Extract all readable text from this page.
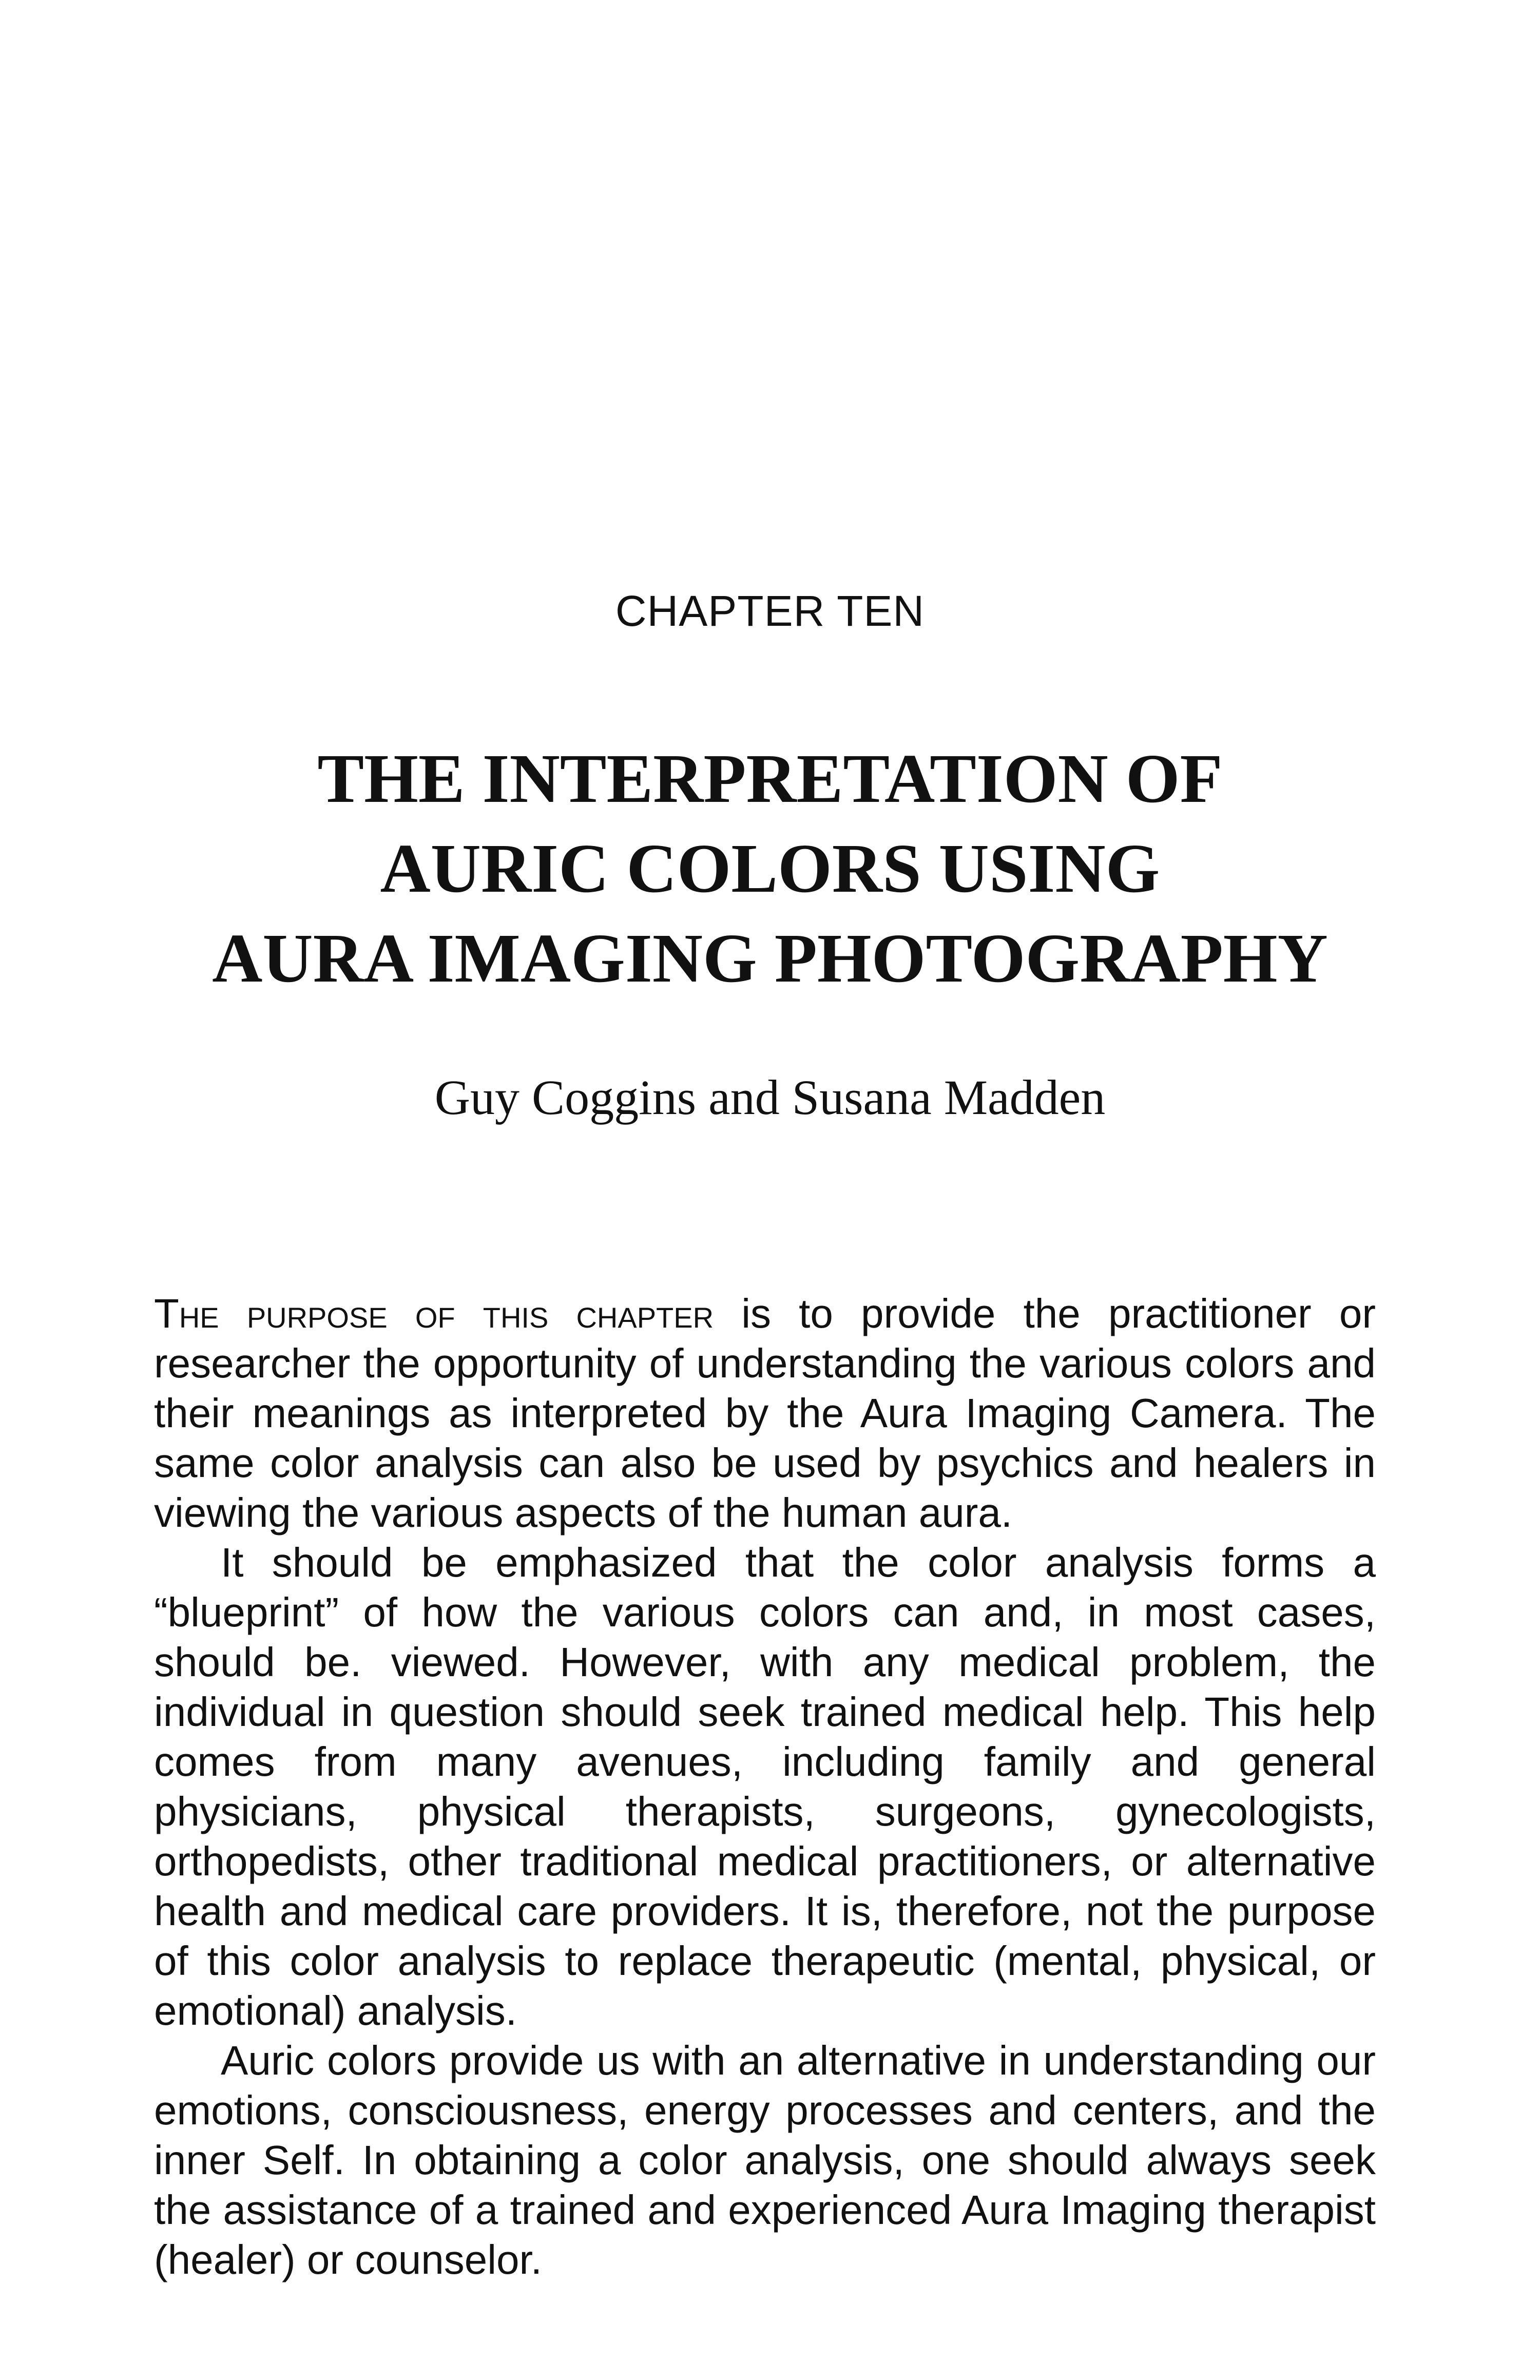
CHAPTER TEN
THE INTERPRETATION OF
AURIC COLORS USING
AURA IMAGING PHOTOGRAPHY
Guy Coggins and Susana Madden

The purpose of this chapter is to provide the practitioner or researcher the opportunity of understanding the various colors and their meanings as interpreted by the Aura Imaging Camera. The same color analysis can also be used by psychics and healers in viewing the various aspects of the human aura.

It should be emphasized that the color analysis forms a “blueprint” of how the various colors can and, in most cases, should be. viewed. However, with any medical problem, the individual in question should seek trained medical help. This help comes from many avenues, including family and general physicians, physical therapists, surgeons, gynecologists, orthopedists, other traditional medical practitioners, or alternative health and medical care providers. It is, therefore, not the purpose of this color analysis to replace therapeutic (mental, physical, or emotional) analysis.

Auric colors provide us with an alternative in understanding our emotions, consciousness, energy processes and centers, and the inner Self. In obtaining a color analysis, one should always seek the assistance of a trained and experienced Aura Imaging therapist (healer) or counselor.
